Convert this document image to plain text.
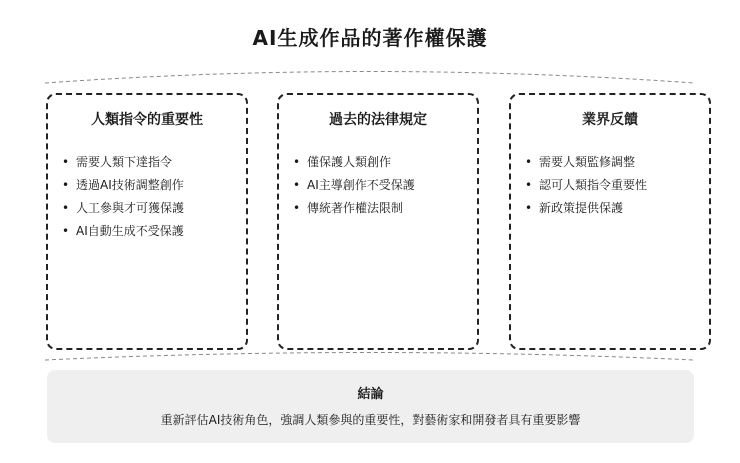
AI生成作品的著作權保護
人類指令的重要性
• 需要人類下達指令
• 透過AI技術調整創作
• 人工參與才可獲保護
• AI自動生成不受保護
過去的法律規定
• 僅保護人類創作
• AI主導創作不受保護
• 傳統著作權法限制
業界反饋
• 需要人類監修調整
• 認可人類指令重要性
• 新政策提供保護
結論
重新評估AI技術角色，強調人類參與的重要性，對藝術家和開發者具有重要影響
